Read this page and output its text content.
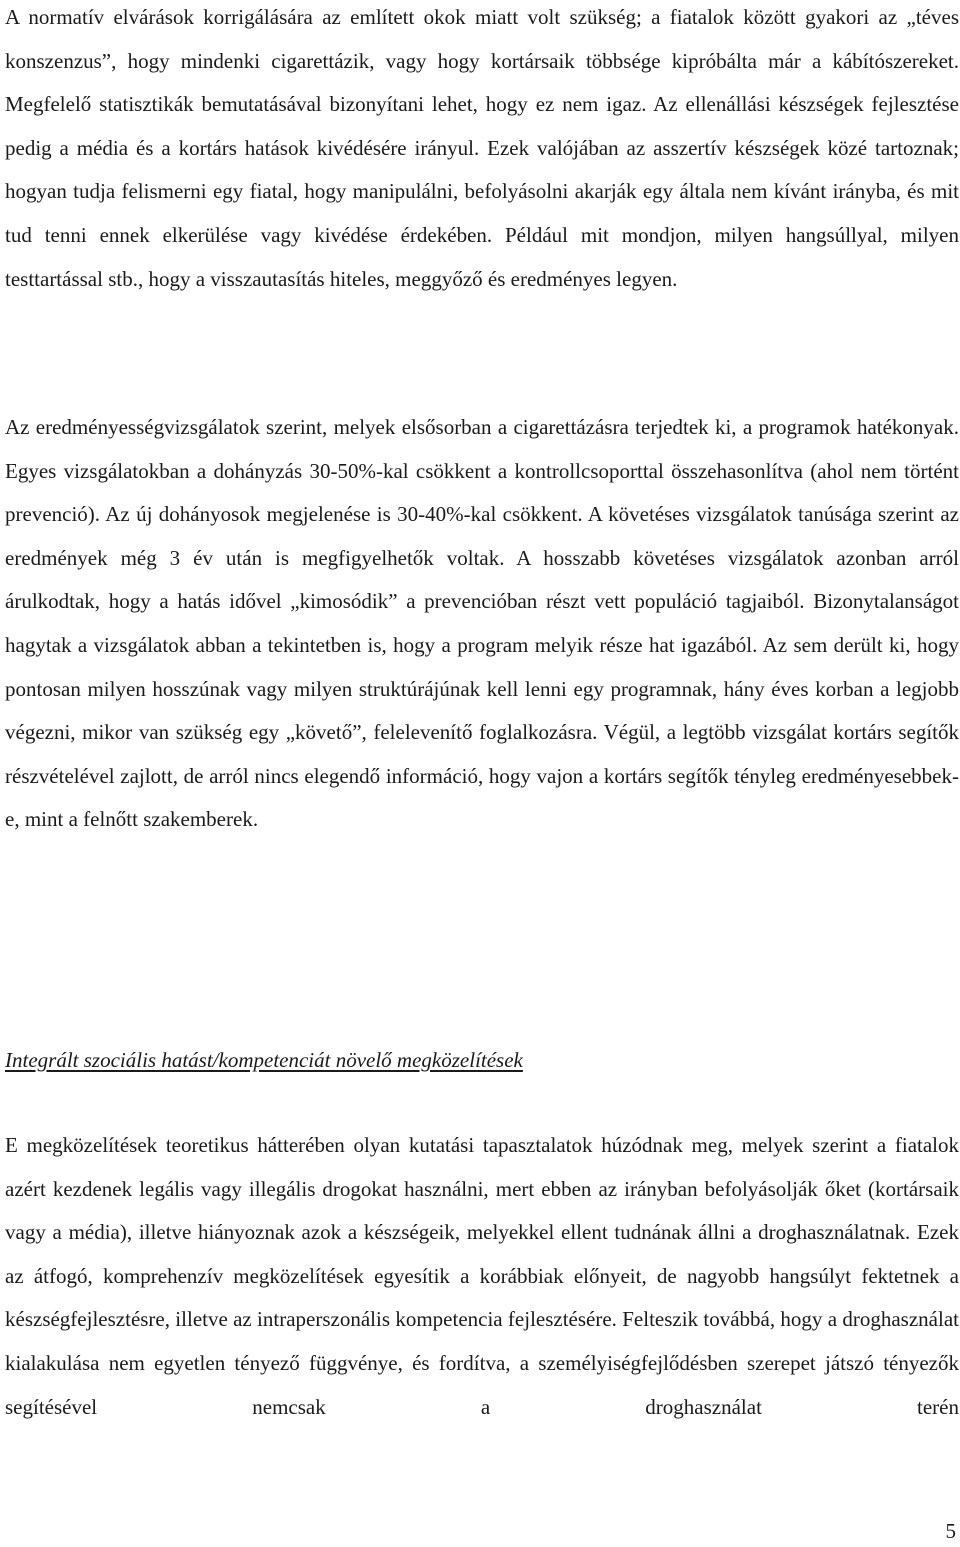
A normatív elvárások korrigálására az említett okok miatt volt szükség; a fiatalok között gyakori az „téves konszenzus”, hogy mindenki cigarettázik, vagy hogy kortársaik többsége kipróbálta már a kábítószereket. Megfelelő statisztikák bemutatásával bizonyítani lehet, hogy ez nem igaz. Az ellenállási készségek fejlesztése pedig a média és a kortárs hatások kivédésére irányul. Ezek valójában az asszertív készségek közé tartoznak; hogyan tudja felismerni egy fiatal, hogy manipulálni, befolyásolni akarják egy általa nem kívánt irányba, és mit tud tenni ennek elkerülése vagy kivédése érdekében. Például mit mondjon, milyen hangsúllyal, milyen testtartással stb., hogy a visszautasítás hiteles, meggyőző és eredményes legyen.

Az eredményességvizsgálatok szerint, melyek elsősorban a cigarettázásra terjedtek ki, a programok hatékonyak. Egyes vizsgálatokban a dohányzás 30-50%-kal csökkent a kontrollcsoporttal összehasonlítva (ahol nem történt prevenció). Az új dohányosok megjelenése is 30-40%-kal csökkent. A követéses vizsgálatok tanúsága szerint az eredmények még 3 év után is megfigyelhetők voltak. A hosszabb követéses vizsgálatok azonban arról árulkodtak, hogy a hatás idővel „kimosódik” a prevencióban részt vett populáció tagjaiból. Bizonytalanságot hagytak a vizsgálatok abban a tekintetben is, hogy a program melyik része hat igazából. Az sem derült ki, hogy pontosan milyen hosszúnak vagy milyen struktúrájúnak kell lenni egy programnak, hány éves korban a legjobb végezni, mikor van szükség egy „követő”, felelevenítő foglalkozásra. Végül, a legtöbb vizsgálat kortárs segítők részvételével zajlott, de arról nincs elegendő információ, hogy vajon a kortárs segítők tényleg eredményesebbek-e, mint a felnőtt szakemberek.

Integrált szociális hatást/kompetenciát növelő megközelítések

E megközelítések teoretikus hátterében olyan kutatási tapasztalatok húzódnak meg, melyek szerint a fiatalok azért kezdenek legális vagy illegális drogokat használni, mert ebben az irányban befolyásolják őket (kortársaik vagy a média), illetve hiányoznak azok a készségeik, melyekkel ellent tudnának állni a droghasználatnak. Ezek az átfogó, komprehenzív megközelítések egyesítik a korábbiak előnyeit, de nagyobb hangsúlyt fektetnek a készségfejlesztésre, illetve az intraperszonális kompetencia fejlesztésére. Felteszik továbbá, hogy a droghasználat kialakulása nem egyetlen tényező függvénye, és fordítva, a személyiségfejlődésben szerepet játszó tényezők segítésével nemcsak a droghasználat terén

5
